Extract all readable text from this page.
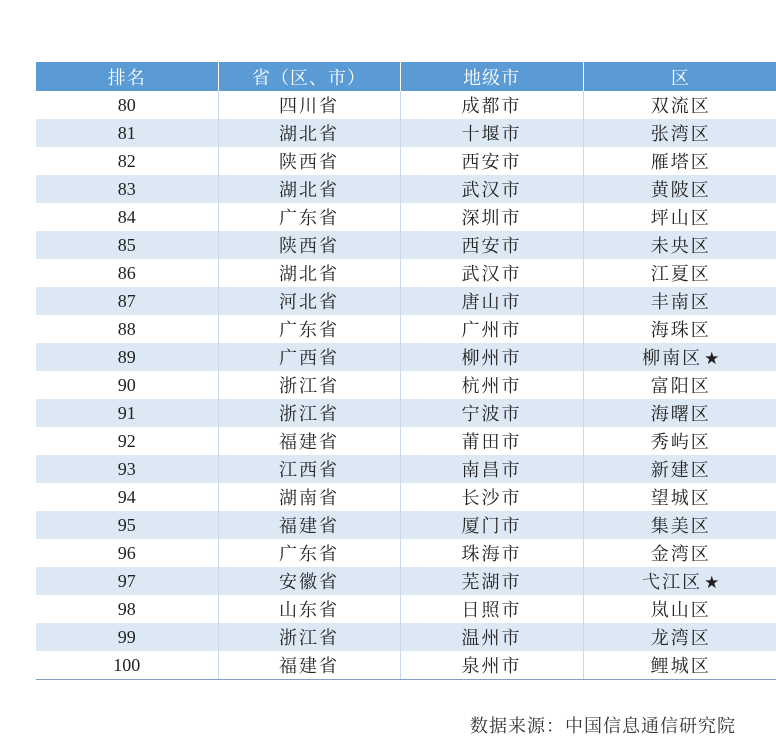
排名	省（区、市）	地级市	区
80	四川省	成都市	双流区
81	湖北省	十堰市	张湾区
82	陕西省	西安市	雁塔区
83	湖北省	武汉市	黄陂区
84	广东省	深圳市	坪山区
85	陕西省	西安市	未央区
86	湖北省	武汉市	江夏区
87	河北省	唐山市	丰南区
88	广东省	广州市	海珠区
89	广西省	柳州市	柳南区 ★
90	浙江省	杭州市	富阳区
91	浙江省	宁波市	海曙区
92	福建省	莆田市	秀屿区
93	江西省	南昌市	新建区
94	湖南省	长沙市	望城区
95	福建省	厦门市	集美区
96	广东省	珠海市	金湾区
97	安徽省	芜湖市	弋江区 ★
98	山东省	日照市	岚山区
99	浙江省	温州市	龙湾区
100	福建省	泉州市	鲤城区
数据来源：中国信息通信研究院
